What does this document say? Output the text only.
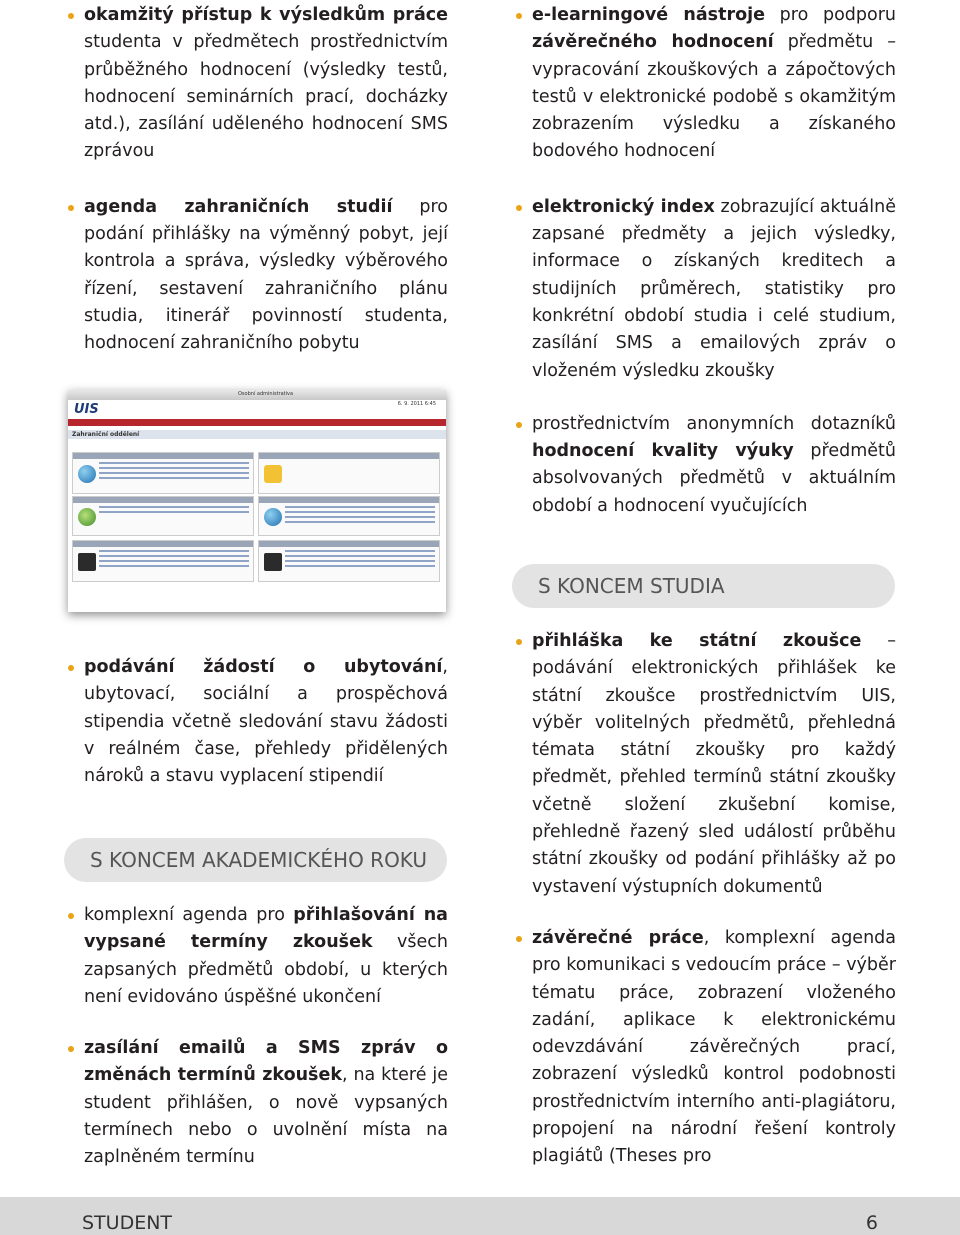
okamžitý přístup k výsledkům práce studenta v předmětech prostřednictvím průběžného hodnocení (výsledky testů, hodnocení seminárních prací, docházky atd.), zasílání uděleného hodnocení SMS zprávou
agenda zahraničních studií pro podání přihlášky na výměnný pobyt, její kontrola a správa, výsledky výběrového řízení, sestavení zahraničního plánu studia, itinerář povinností studenta, hodnocení zahraničního pobytu
e-learningové nástroje pro podporu závěrečného hodnocení předmětu – vypracování zkouškových a zápočtových testů v elektronické podobě s okamžitým zobrazením výsledku a získaného bodového hodnocení
elektronický index zobrazující aktuálně zapsané předměty a jejich výsledky, informace o získaných kreditech a studijních průměrech, statistiky pro konkrétní období studia i celé studium, zasílání SMS a emailových zpráv o vloženém výsledku zkoušky
prostřednictvím anonymních dotazníků hodnocení kvality výuky předmětů absolvovaných předmětů v aktuálním období a hodnocení vyučujících
Osobní administrativa
UIS	6. 9. 2011 6:45
Zahraniční oddělení
S KONCEM STUDIA
podávání žádostí o ubytování, ubytovací, sociální a prospěchová stipendia včetně sledování stavu žádosti v reálném čase, přehledy přidělených nároků a stavu vyplacení stipendií
S KONCEM AKADEMICKÉHO ROKU
komplexní agenda pro přihlašování na vypsané termíny zkoušek všech zapsaných předmětů období, u kterých není evidováno úspěšné ukončení
zasílání emailů a SMS zpráv o změnách termínů zkoušek, na které je student přihlášen, o nově vypsaných termínech nebo o uvolnění místa na zaplněném termínu
přihláška ke státní zkoušce – podávání elektronických přihlášek ke státní zkoušce prostřednictvím UIS, výběr volitelných předmětů, přehledná témata státní zkoušky pro každý předmět, přehled termínů státní zkoušky včetně složení zkušební komise, přehledně řazený sled událostí průběhu státní zkoušky od podání přihlášky až po vystavení výstupních dokumentů
závěrečné práce, komplexní agenda pro komunikaci s vedoucím práce – výběr tématu práce, zobrazení vloženého zadání, aplikace k elektronickému odevzdávání závěrečných prací, zobrazení výsledků kontrol podobnosti prostřednictvím interního anti-plagiátoru, propojení na národní řešení kontroly plagiátů (Theses pro
STUDENT	6
